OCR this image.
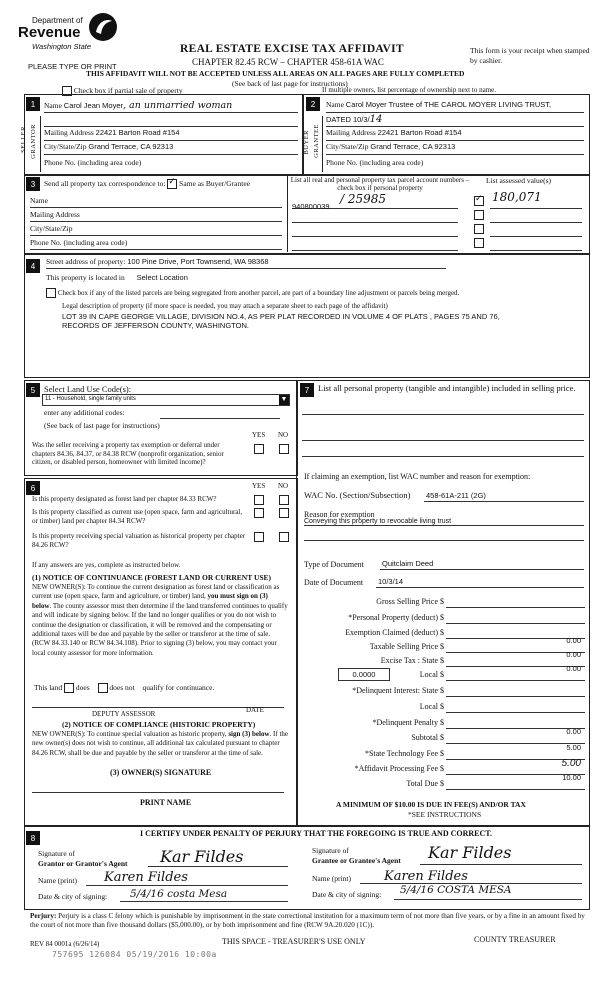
Department of
Revenue
Washington State
PLEASE TYPE OR PRINT
REAL ESTATE EXCISE TAX AFFIDAVIT
CHAPTER 82.45 RCW – CHAPTER 458-61A WAC
THIS AFFIDAVIT WILL NOT BE ACCEPTED UNLESS ALL AREAS ON ALL PAGES ARE FULLY COMPLETED
(See back of last page for instructions)
This form is your receipt when stamped by cashier.
Check box if partial sale of property	If multiple owners, list percentage of ownership next to name.
1	2
SELLER GRANTOR
Name Carol Jean Moyer, an unmarried woman
Mailing Address 22421 Barton Road #154
City/State/Zip Grand Terrace, CA 92313
Phone No. (including area code)
BUYER GRANTEE
Name Carol Moyer Trustee of THE CAROL MOYER LIVING TRUST,
DATED 10/3/14
Mailing Address 22421 Barton Road #154
City/State/Zip Grand Terrace, CA 92313
Phone No. (including area code)
3	Send all property tax correspondence to: ✓ Same as Buyer/Grantee
Name
Mailing Address
City/State/Zip
Phone No. (including area code)
List all real and personal property tax parcel account numbers – check box if personal property
List assessed value(s)
940800039
/ 25985	✓ 180,071
4	Street address of property: 100 Pine Drive, Port Townsend, WA 98368
This property is located in Select Location
Check box if any of the listed parcels are being segregated from another parcel, are part of a boundary line adjustment or parcels being merged.
Legal description of property (if more space is needed, you may attach a separate sheet to each page of the affidavit)
LOT 39 IN CAPE GEORGE VILLAGE, DIVISION NO.4, AS PER PLAT RECORDED IN VOLUME 4 OF PLATS , PAGES 75 AND 76, RECORDS OF JEFFERSON COUNTY, WASHINGTON.
5	Select Land Use Code(s):
11 - Household, single family units	▼
enter any additional codes:
(See back of last page for instructions)
YES NO
Was the seller receiving a property tax exemption or deferral under chapters 84.36, 84.37, or 84.38 RCW (nonprofit organization, senior citizen, or disabled person, homeowner with limited income)?
6	YES NO
Is this property designated as forest land per chapter 84.33 RCW?
Is this property classified as current use (open space, farm and agricultural, or timber) land per chapter 84.34 RCW?
Is this property receiving special valuation as historical property per chapter 84.26 RCW?
If any answers are yes, complete as instructed below.
(1) NOTICE OF CONTINUANCE (FOREST LAND OR CURRENT USE)
NEW OWNER(S): To continue the current designation as forest land or classification as current use (open space, farm and agriculture, or timber) land, you must sign on (3) below. The county assessor must then determine if the land transferred continues to qualify and will indicate by signing below. If the land no longer qualifies or you do not wish to continue the designation or classification, it will be removed and the compensating or additional taxes will be due and payable by the seller or transferor at the time of sale. (RCW 84.33.140 or RCW 84.34.108). Prior to signing (3) below, you may contact your local county assessor for more information.
This land does	does not qualify for continuance.
DEPUTY ASSESSOR	DATE
(2) NOTICE OF COMPLIANCE (HISTORIC PROPERTY)
NEW OWNER(S): To continue special valuation as historic property, sign (3) below. If the new owner(s) does not wish to continue, all additional tax calculated pursuant to chapter 84.26 RCW, shall be due and payable by the seller or transferor at the time of sale.
(3) OWNER(S) SIGNATURE
PRINT NAME
7	List all personal property (tangible and intangible) included in selling price.
If claiming an exemption, list WAC number and reason for exemption:
WAC No. (Section/Subsection) 458-61A-211 (2G)
Reason for exemption
Conveying this property to revocable living trust
Type of Document Quitclaim Deed
Date of Document 10/3/14
Gross Selling Price $
*Personal Property (deduct) $
Exemption Claimed (deduct) $
Taxable Selling Price $
0.00
Excise Tax : State $
0.00
0.0000	Local $
0.00
*Delinquent Interest: State $
Local $
*Delinquent Penalty $
Subtotal $
0.00
*State Technology Fee $
5.00
*Affidavit Processing Fee $	5.00
Total Due $
10.00
A MINIMUM OF $10.00 IS DUE IN FEE(S) AND/OR TAX
*SEE INSTRUCTIONS
8	I CERTIFY UNDER PENALTY OF PERJURY THAT THE FOREGOING IS TRUE AND CORRECT.
Signature of
Grantor or Grantor's Agent Kar Fildes
Name (print) Karen Fildes
Date & city of signing: 5/4/16 costa Mesa
Signature of
Grantee or Grantee's Agent Kar Fildes
Name (print)	Karen Fildes
Date & city of signing: 5/4/16 COSTA MESA
Perjury: Perjury is a class C felony which is punishable by imprisonment in the state correctional institution for a maximum term of not more than five years, or by a fine in an amount fixed by the court of not more than five thousand dollars ($5,000.00), or by both imprisonment and fine (RCW 9A.20.020 (1C)).
REV 84 0001a (6/26/14)	THIS SPACE - TREASURER'S USE ONLY	COUNTY TREASURER
757695 126084 05/19/2016 10:00a
